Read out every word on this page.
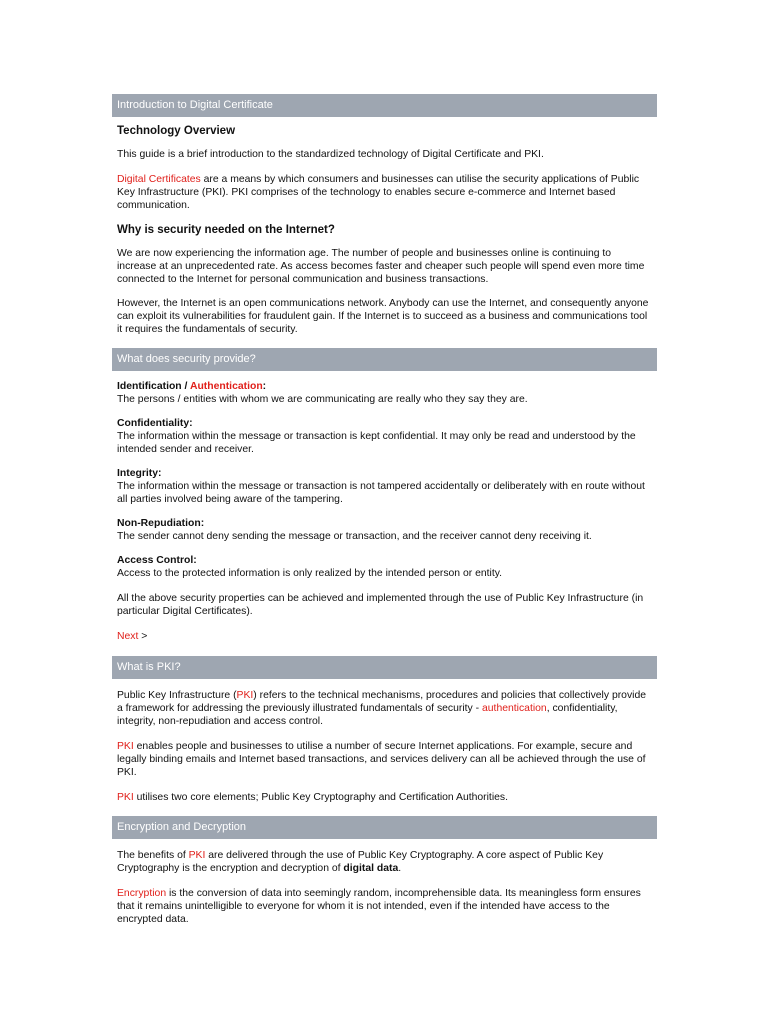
Introduction to Digital Certificate
Technology Overview

This guide is a brief introduction to the standardized technology of Digital Certificate and PKI.

Digital Certificates are a means by which consumers and businesses can utilise the security applications of Public Key Infrastructure (PKI). PKI comprises of the technology to enables secure e-commerce and Internet based communication.

Why is security needed on the Internet?

We are now experiencing the information age. The number of people and businesses online is continuing to increase at an unprecedented rate. As access becomes faster and cheaper such people will spend even more time connected to the Internet for personal communication and business transactions.

However, the Internet is an open communications network. Anybody can use the Internet, and consequently anyone can exploit its vulnerabilities for fraudulent gain. If the Internet is to succeed as a business and communications tool it requires the fundamentals of security.

What does security provide?

Identification / Authentication:
The persons / entities with whom we are communicating are really who they say they are.

Confidentiality:
The information within the message or transaction is kept confidential. It may only be read and understood by the intended sender and receiver.

Integrity:
The information within the message or transaction is not tampered accidentally or deliberately with en route without all parties involved being aware of the tampering.

Non-Repudiation:
The sender cannot deny sending the message or transaction, and the receiver cannot deny receiving it.

Access Control:
Access to the protected information is only realized by the intended person or entity.

All the above security properties can be achieved and implemented through the use of Public Key Infrastructure (in particular Digital Certificates).

Next >

What is PKI?

Public Key Infrastructure (PKI) refers to the technical mechanisms, procedures and policies that collectively provide a framework for addressing the previously illustrated fundamentals of security - authentication, confidentiality, integrity, non-repudiation and access control.

PKI enables people and businesses to utilise a number of secure Internet applications. For example, secure and legally binding emails and Internet based transactions, and services delivery can all be achieved through the use of PKI.

PKI utilises two core elements; Public Key Cryptography and Certification Authorities.

Encryption and Decryption

The benefits of PKI are delivered through the use of Public Key Cryptography. A core aspect of Public Key Cryptography is the encryption and decryption of digital data.

Encryption is the conversion of data into seemingly random, incomprehensible data. Its meaningless form ensures that it remains unintelligible to everyone for whom it is not intended, even if the intended have access to the encrypted data.
